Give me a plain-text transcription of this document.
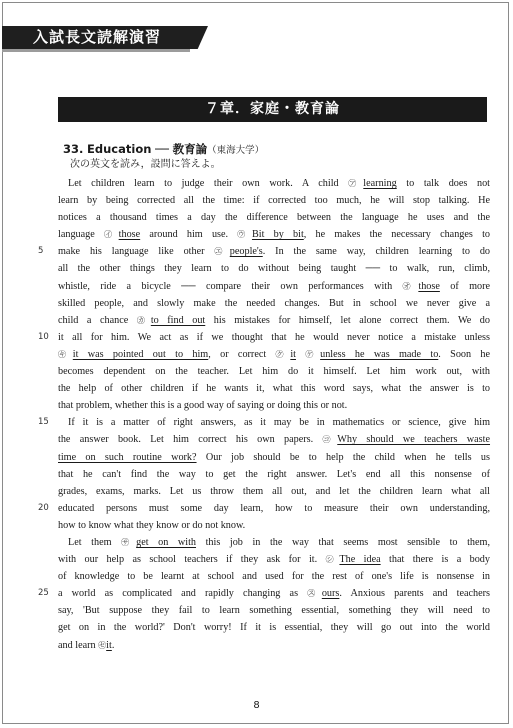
入試長文読解演習
７章．家庭・教育論
33. Education ── 教育論（東海大学）
次の英文を読み，設問に答えよ。
Let children learn to judge their own work. A child ㋐learning to talk does not
learn by being corrected all the time: if corrected too much, he will stop talking. He
notices a thousand times a day the difference between the language he uses and the
language ㋑those around him use. ㋒Bit by bit, he makes the necessary changes to
5	make his language like other ㋓people's. In the same way, children learning to do
all the other things they learn to do without being taught ── to walk, run, climb,
whistle, ride a bicycle ── compare their own performances with ㋔those of more
skilled people, and slowly make the needed changes. But in school we never give a
child a chance ㋕to find out his mistakes for himself, let alone correct them. We do
10 it all for him. We act as if we thought that he would never notice a mistake unless
㋖it was pointed out to him, or correct ㋗it ㋘unless he was made to. Soon he
becomes dependent on the teacher. Let him do it himself. Let him work out, with
the help of other children if he wants it, what this word says, what the answer is to
that problem, whether this is a good way of saying or doing this or not.
15	If it is a matter of right answers, as it may be in mathematics or science, give him
the answer book. Let him correct his own papers. ㋙Why should we teachers waste
time on such routine work? Our job should be to help the child when he tells us
that he can't find the way to get the right answer. Let's end all this nonsense of
grades, exams, marks. Let us throw them all out, and let the children learn what all
20 educated persons must some day learn, how to measure their own understanding,
how to know what they know or do not know.
Let them ㋚get on with this job in the way that seems most sensible to them,
with our help as school teachers if they ask for it. ㋛The idea that there is a body
of knowledge to be learnt at school and used for the rest of one's life is nonsense in
25 a world as complicated and rapidly changing as ㋜ours. Anxious parents and teachers
say, 'But suppose they fail to learn something essential, something they will need to
get on in the world?' Don't worry! If it is essential, they will go out into the world
and learn ㋝it.
8
